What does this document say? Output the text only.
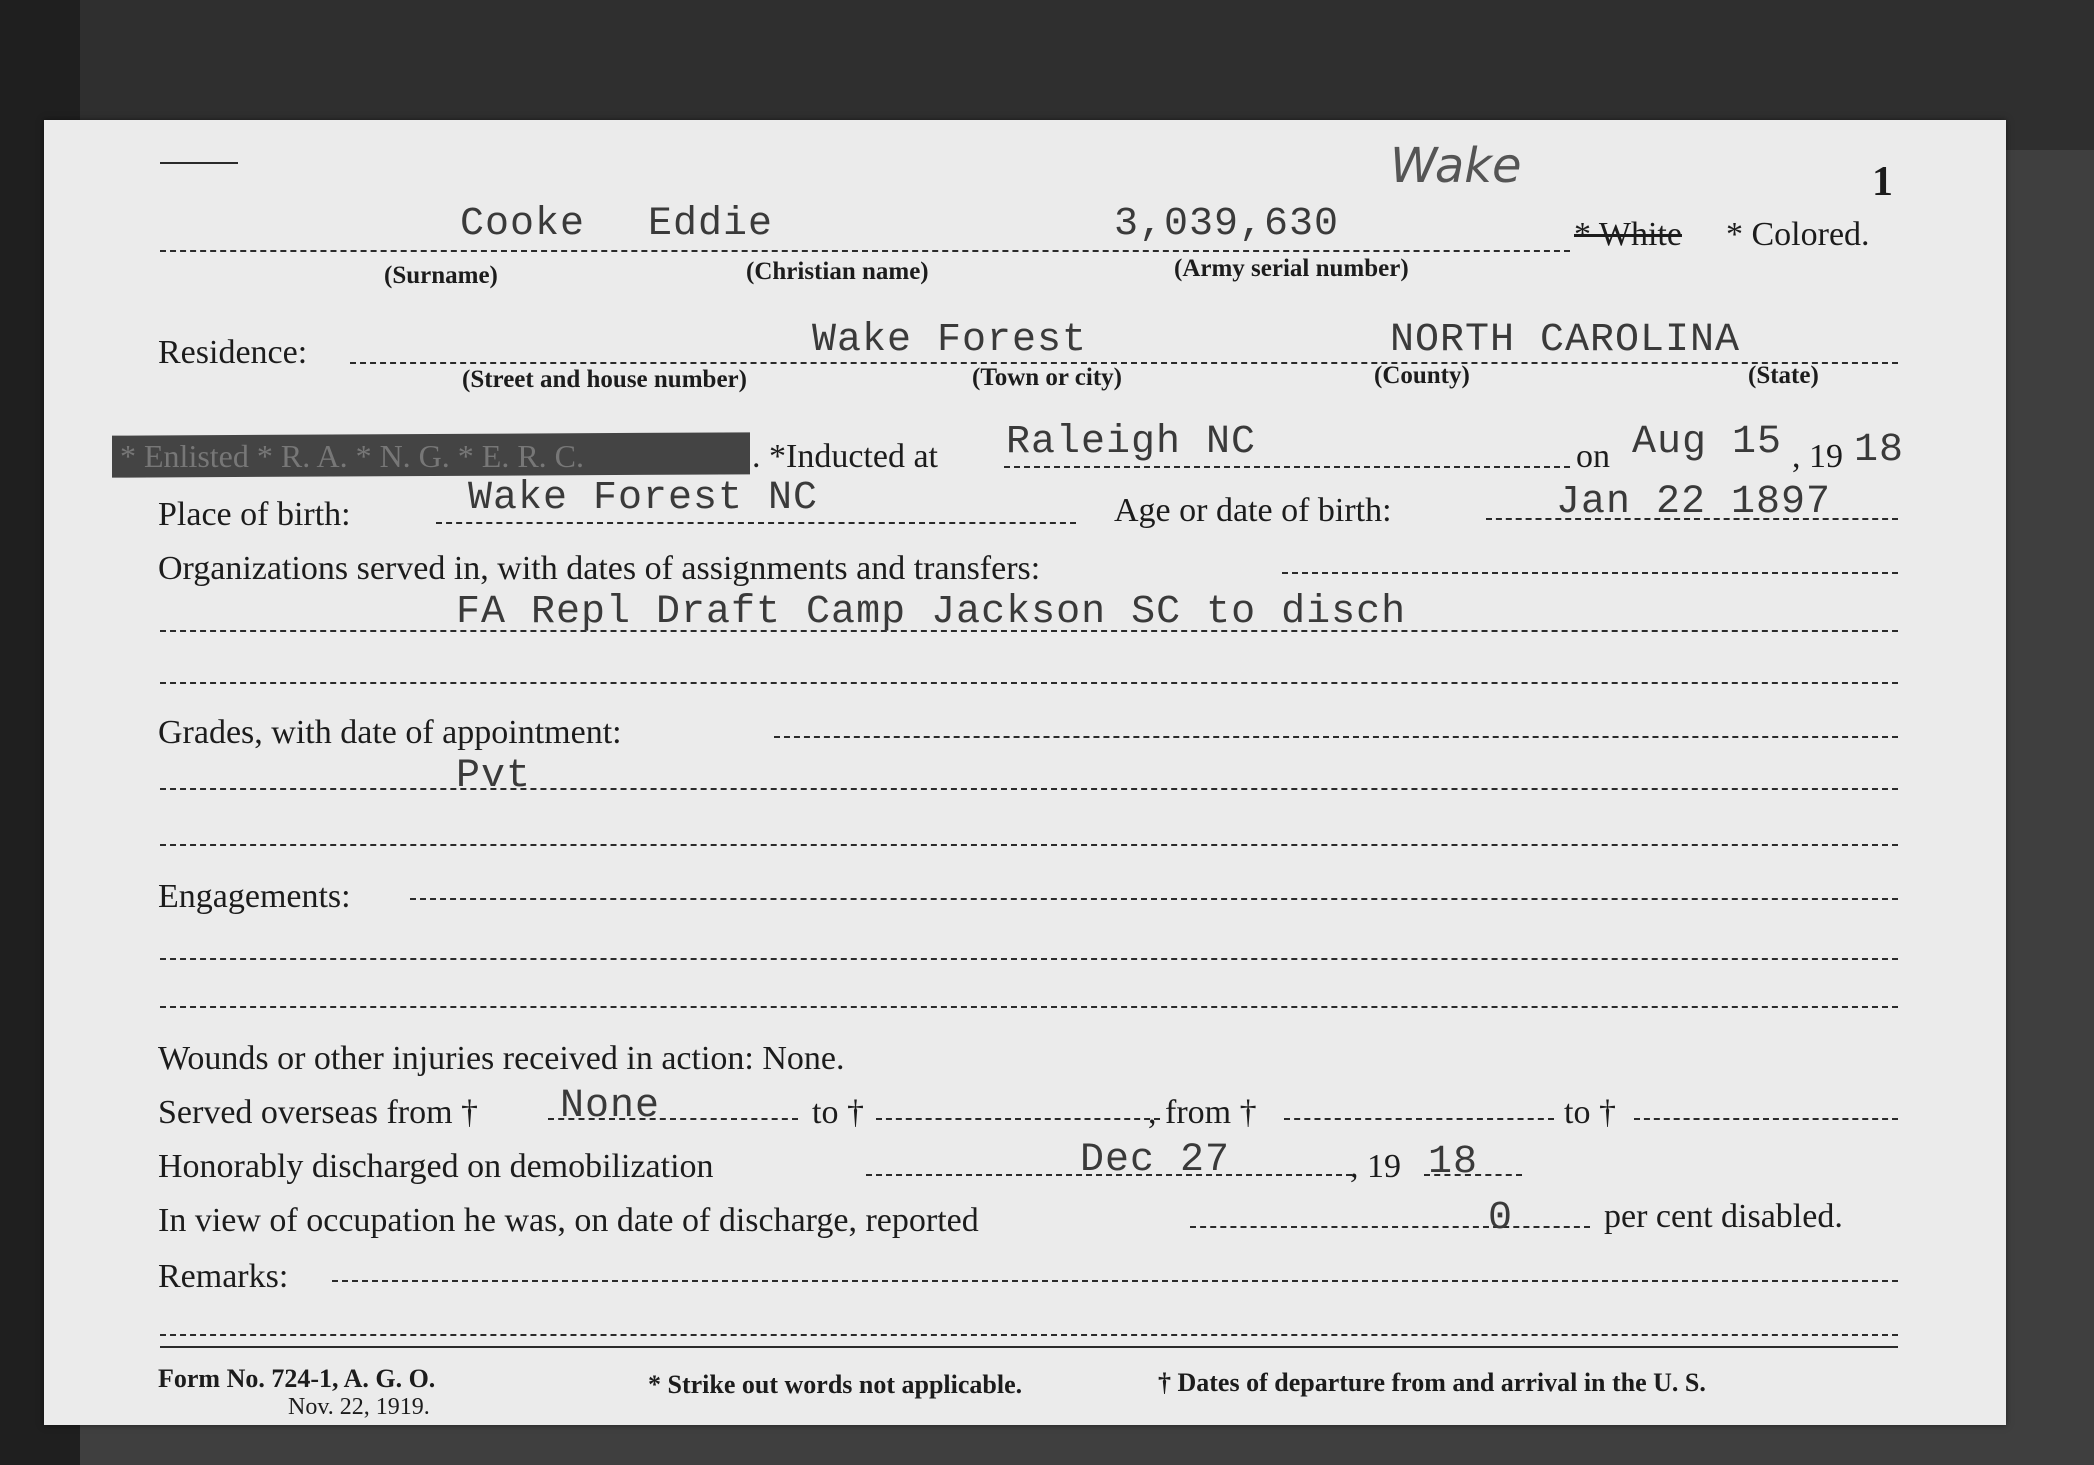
Wake	1
Cooke Eddie	3,039,630	* White * Colored.
(Surname)	(Christian name)	(Army serial number)
Residence:	Wake Forest	NORTH CAROLINA
(Street and house number)	(Town or city)	(County)	(State)
* Enlisted * R. A. * N. G. * E. R. C.	. *Inducted at Raleigh NC	on Aug 15 , 19 18
Place of birth:	Wake Forest NC	Age or date of birth:	Jan 22 1897
Organizations served in, with dates of assignments and transfers:
FA Repl Draft Camp Jackson SC to disch
Grades, with date of appointment:
Pvt
Engagements:
Wounds or other injuries received in action: None.
Served overseas from † None	to †	, from †	to †
Honorably discharged on demobilization	Dec 27	, 19 18
In view of occupation he was, on date of discharge, reported	0	per cent disabled.
Remarks:
Form No. 724-1, A. G. O.
Nov. 22, 1919.
* Strike out words not applicable.	† Dates of departure from and arrival in the U. S.
